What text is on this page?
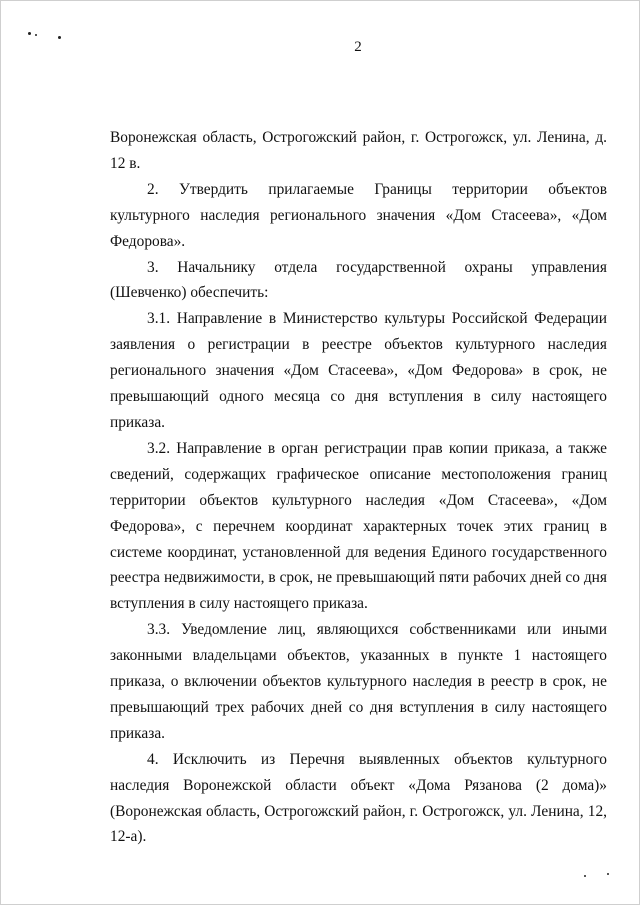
2

Воронежская область, Острогожский район, г. Острогожск, ул. Ленина, д. 12 в.

2. Утвердить прилагаемые Границы территории объектов культурного наследия регионального значения «Дом Стасеева», «Дом Федорова».

3. Начальнику отдела государственной охраны управления (Шевченко) обеспечить:

3.1. Направление в Министерство культуры Российской Федерации заявления о регистрации в реестре объектов культурного наследия регионального значения «Дом Стасеева», «Дом Федорова» в срок, не превышающий одного месяца со дня вступления в силу настоящего приказа.

3.2. Направление в орган регистрации прав копии приказа, а также сведений, содержащих графическое описание местоположения границ территории объектов культурного наследия «Дом Стасеева», «Дом Федорова», с перечнем координат характерных точек этих границ в системе координат, установленной для ведения Единого государственного реестра недвижимости, в срок, не превышающий пяти рабочих дней со дня вступления в силу настоящего приказа.

3.3. Уведомление лиц, являющихся собственниками или иными законными владельцами объектов, указанных в пункте 1 настоящего приказа, о включении объектов культурного наследия в реестр в срок, не превышающий трех рабочих дней со дня вступления в силу настоящего приказа.

4. Исключить из Перечня выявленных объектов культурного наследия Воронежской области объект «Дома Рязанова (2 дома)» (Воронежская область, Острогожский район, г. Острогожск, ул. Ленина, 12, 12-а).
